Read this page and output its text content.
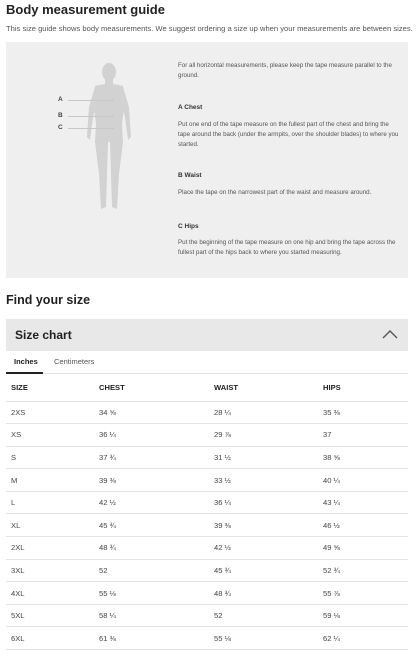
Body measurement guide
This size guide shows body measurements. We suggest ordering a size up when your measurements are between sizes.
A
B
C
For all horizontal measurements, please keep the tape measure parallel to the ground.
A Chest
Put one end of the tape measure on the fullest part of the chest and bring the tape around the back (under the armpits, over the shoulder blades) to where you started.
B Waist
Place the tape on the narrowest part of the waist and measure around.
C Hips
Put the beginning of the tape measure on one hip and bring the tape across the fullest part of the hips back to where you started measuring.
Find your size
Size chart
Inches Centimeters
SIZE	CHEST	WAIST	HIPS
2XS	34 ⅝	28 ¼	35 ⅜
XS	36 ¼	29 ⅞	37
S	37 ¾	31 ½	38 ⅝
M	39 ⅜	33 ½	40 ¼
L	42 ½	36 ¼	43 ¼
XL	45 ¾	39 ⅜	46 ½
2XL	48 ¾	42 ½	49 ⅝
3XL	52	45 ¾	52 ¾
4XL	55 ⅛	48 ¾	55 ⅞
5XL	58 ¼	52	59 ⅛
6XL	61 ⅜	55 ⅛	62 ¼
